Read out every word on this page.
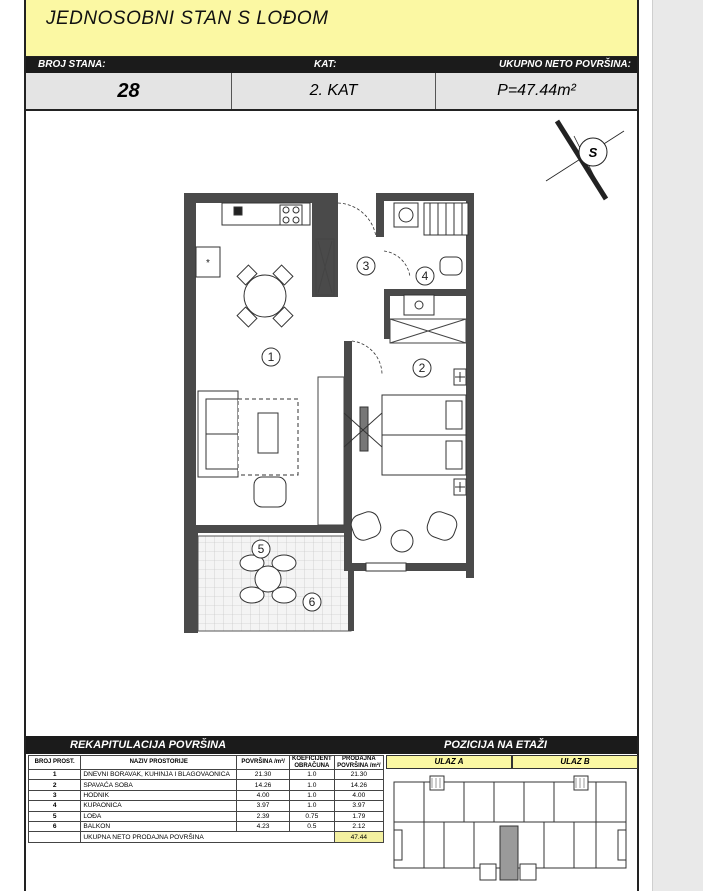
JEDNOSOBNI STAN S LOĐOM
BROJ STANA:	KAT:	UKUPNO NETO POVRŠINA:
28	2. KAT	P=47.44m²
S
*
1
2
3
4
5
6
REKAPITULACIJA POVRŠINA	POZICIJA NA ETAŽI
BROJ PROST.	NAZIV PROSTORIJE	POVRŠINA /m²/	KOEFICIJENT OBRAČUNA	PRODAJNA POVRŠINA /m²/
1	DNEVNI BORAVAK, KUHINJA I BLAGOVAONICA	21.30	1.0	21.30
2	SPAVAĆA SOBA	14.26	1.0	14.26
3	HODNIK	4.00	1.0	4.00
4	KUPAONICA	3.97	1.0	3.97
5	LOĐA	2.39	0.75	1.79
6	BALKON	4.23	0.5	2.12
	UKUPNA NETO PRODAJNA POVRŠINA			47.44
ULAZ A	ULAZ B
